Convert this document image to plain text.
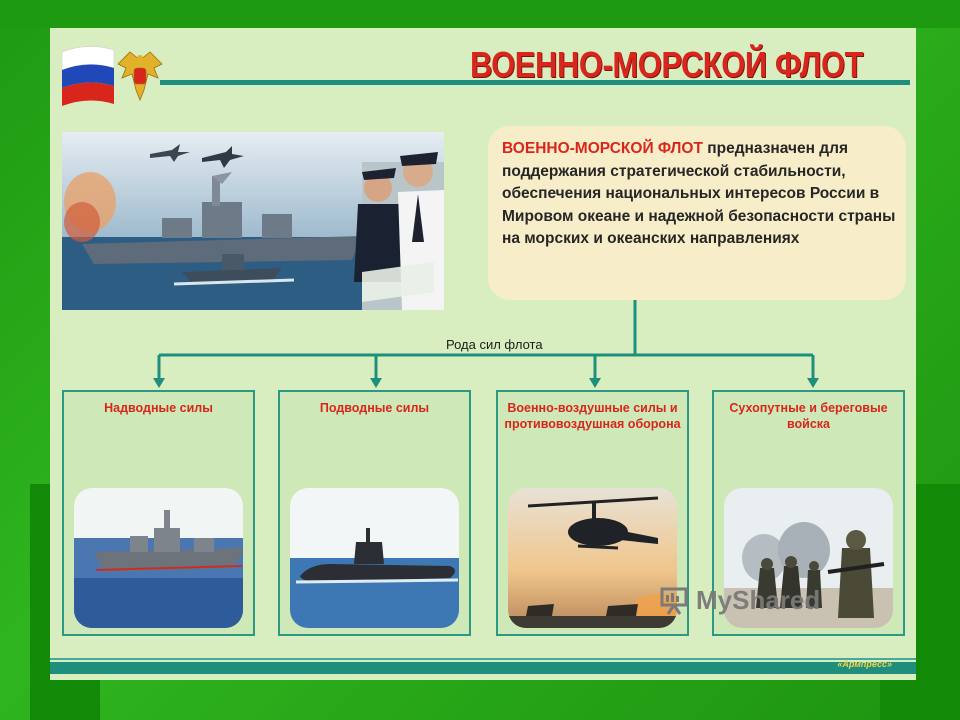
ВОЕННО-МОРСКОЙ ФЛОТ
ВОЕННО-МОРСКОЙ ФЛОТ предназначен для поддержания стратегической стабильности, обеспечения национальных интересов России в Мировом океане и надежной безопасности страны на морских и океанских направлениях
Рода сил флота
Надводные силы	Подводные силы	Военно-воздушные силы и противовоздушная оборона
Сухопутные и береговые войска
«Армпресс»
MyShared
